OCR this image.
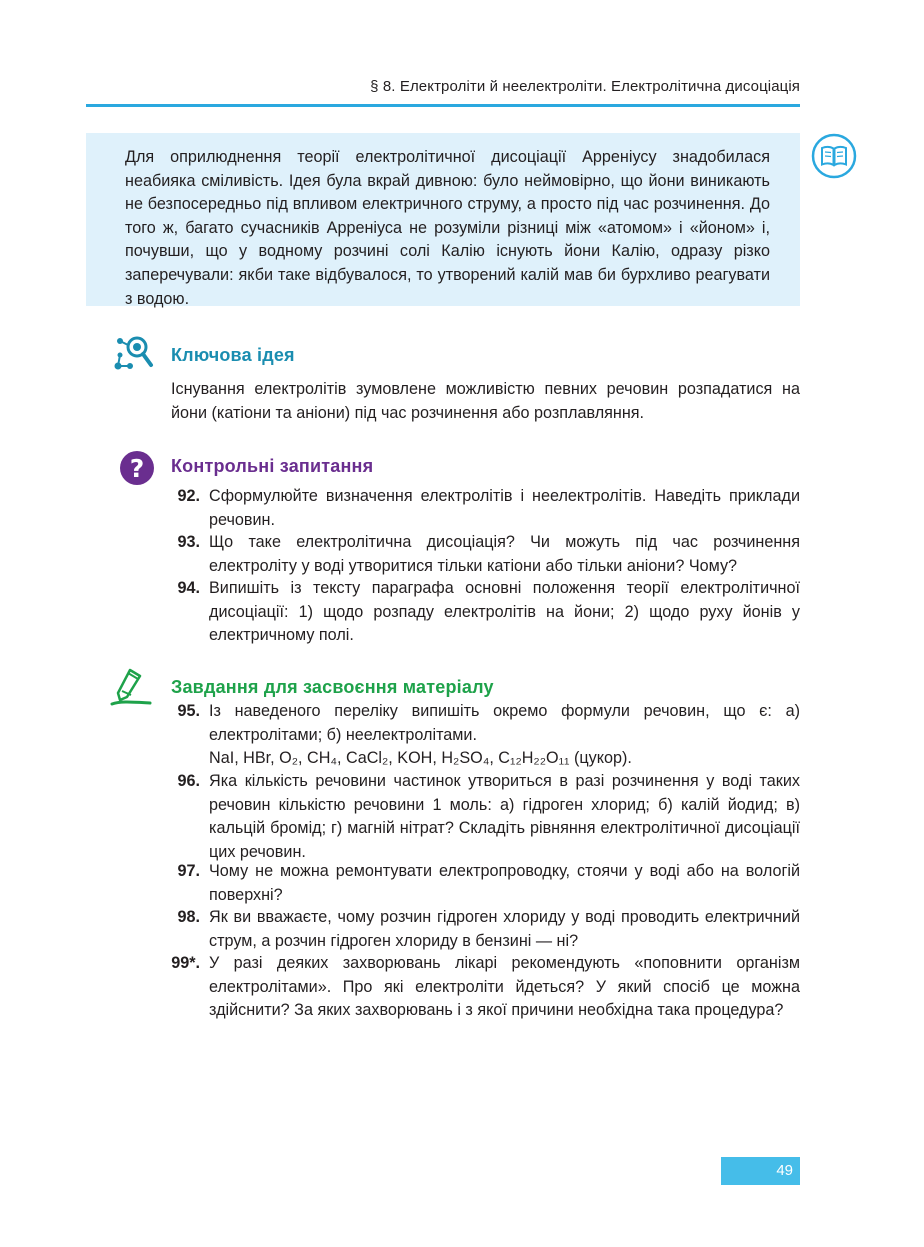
§ 8. Електроліти й неелектроліти. Електролітична дисоціація
Для оприлюднення теорії електролітичної дисоціації Арреніусу знадобилася неабияка сміливість. Ідея була вкрай дивною: було неймовірно, що йони виникають не безпосередньо під впливом електричного струму, а просто під час розчинення. До того ж, багато сучасників Арреніуса не розуміли різниці між «атомом» і «йоном» і, почувши, що у водному розчині солі Калію існують йони Калію, одразу різко заперечували: якби таке відбувалося, то утворений калій мав би бурхливо реагувати з водою.
Ключова ідея
Існування електролітів зумовлене можливістю певних речовин розпадатися на йони (катіони та аніони) під час розчинення або розплавляння.
? Контрольні запитання
92. Сформулюйте визначення електролітів і неелектролітів. Наведіть приклади речовин.
93. Що таке електролітична дисоціація? Чи можуть під час розчинення електроліту у воді утворитися тільки катіони або тільки аніони? Чому?
94. Випишіть із тексту параграфа основні положення теорії електролітичної дисоціації: 1) щодо розпаду електролітів на йони; 2) щодо руху йонів у електричному полі.
Завдання для засвоєння матеріалу
95. Із наведеного переліку випишіть окремо формули речовин, що є: а) електролітами; б) неелектролітами.
NaI, HBr, O₂, CH₄, CaCl₂, KOH, H₂SO₄, C₁₂H₂₂O₁₁ (цукор).
96. Яка кількість речовини частинок утвориться в разі розчинення у воді таких речовин кількістю речовини 1 моль: а) гідроген хлорид; б) калій йодид; в) кальцій бромід; г) магній нітрат? Складіть рівняння електролітичної дисоціації цих речовин.
97. Чому не можна ремонтувати електропроводку, стоячи у воді або на вологій поверхні?
98. Як ви вважаєте, чому розчин гідроген хлориду у воді проводить електричний струм, а розчин гідроген хлориду в бензині — ні?
99*. У разі деяких захворювань лікарі рекомендують «поповнити організм електролітами». Про які електроліти йдеться? У який спосіб це можна здійснити? За яких захворювань і з якої причини необхідна така процедура?
49
